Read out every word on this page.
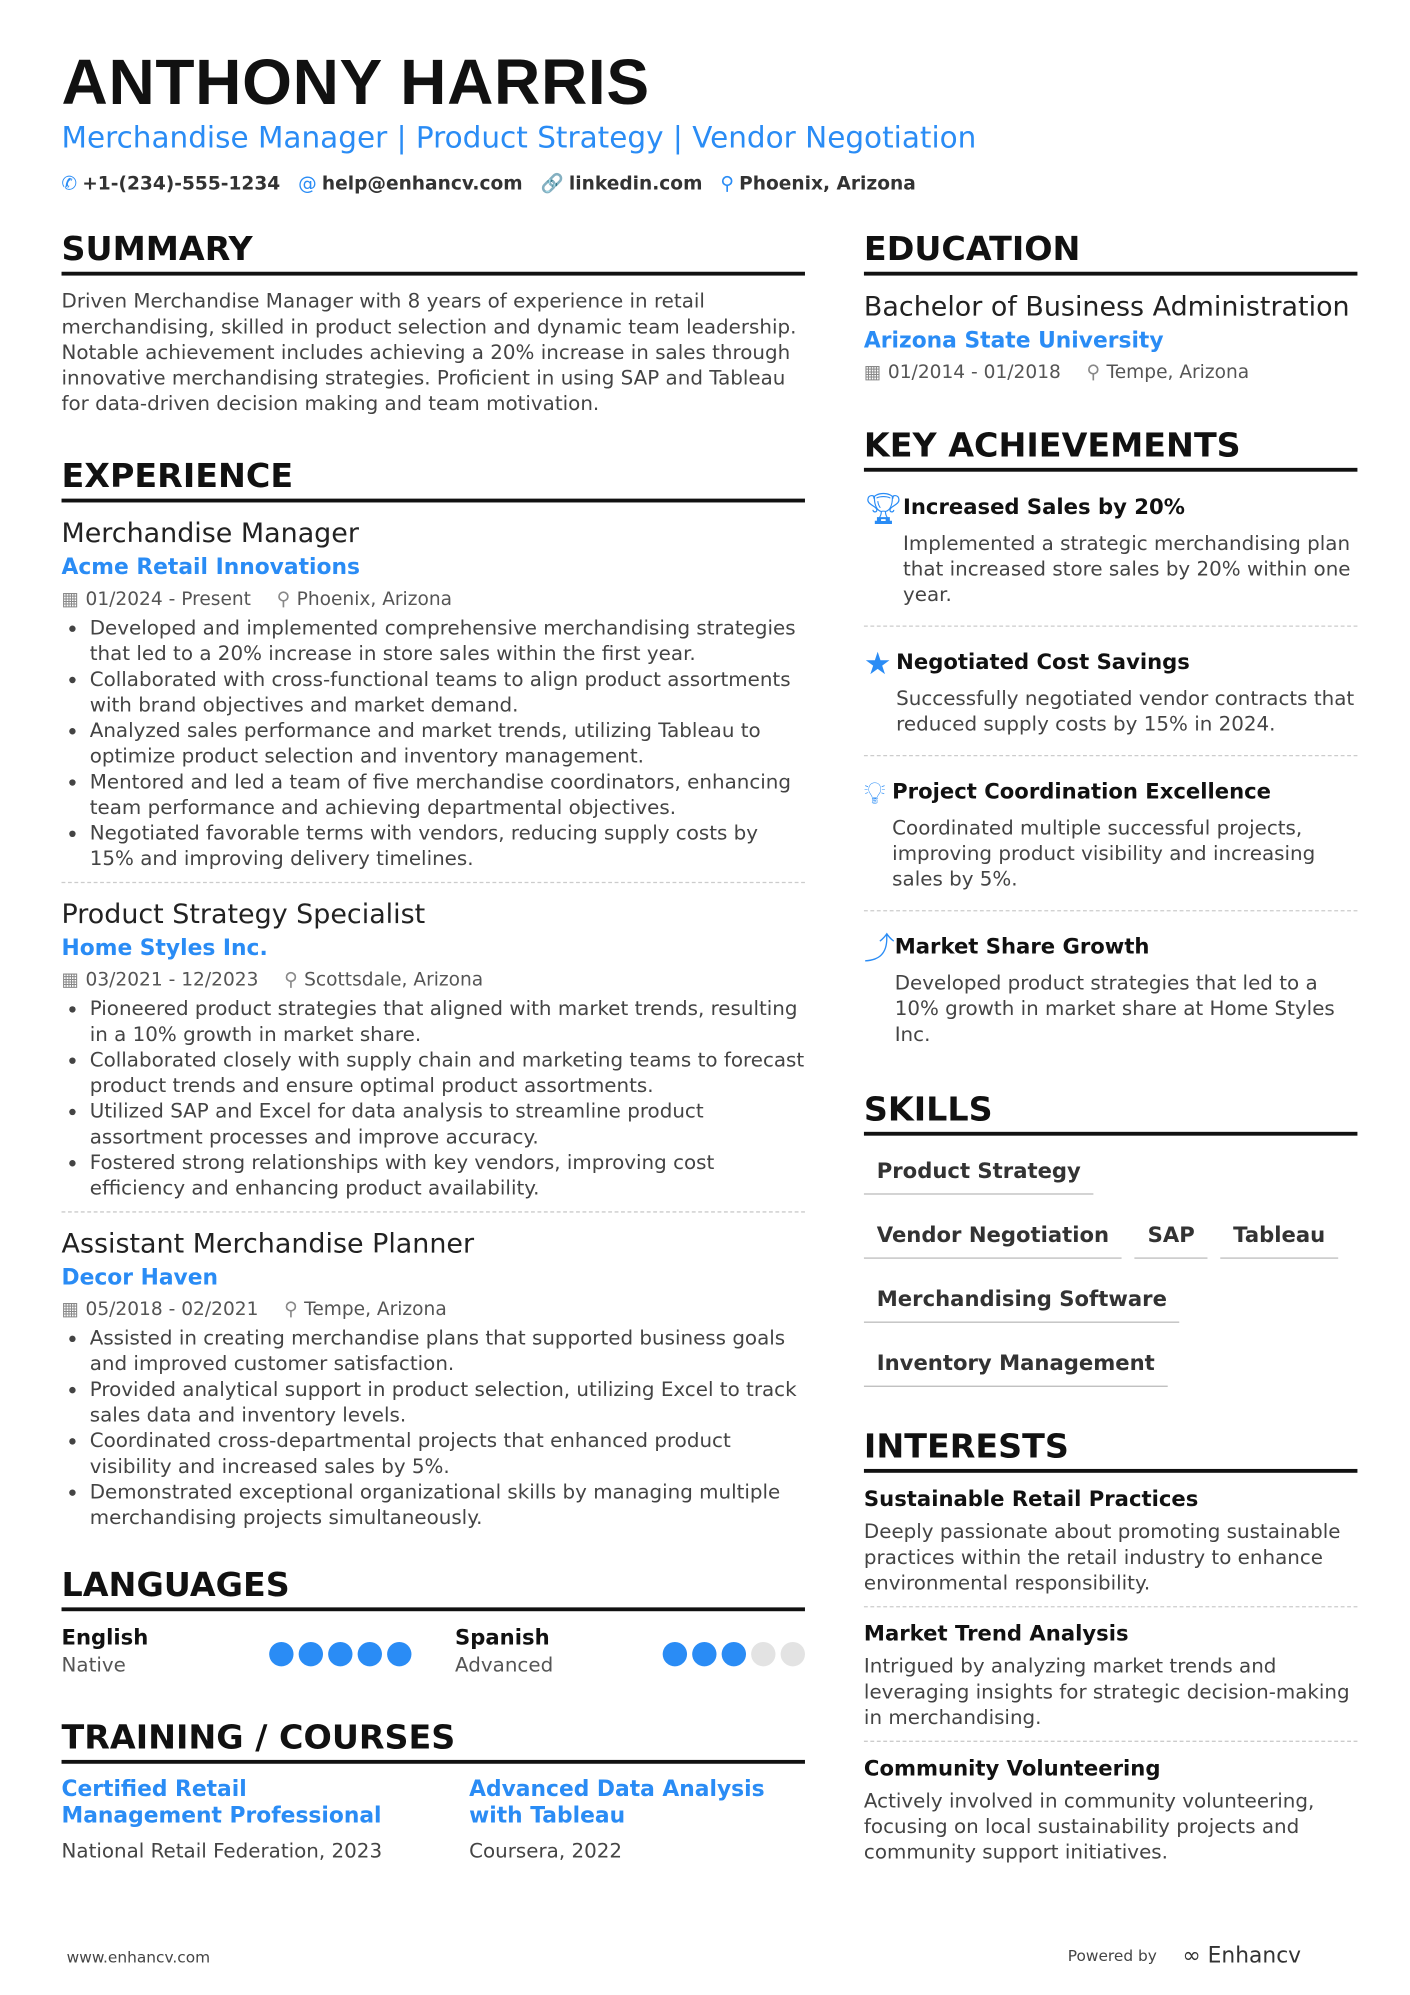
ANTHONY HARRIS
Merchandise Manager | Product Strategy | Vendor Negotiation
✆ +1-(234)-555-1234 @ help@enhancv.com 🔗 linkedin.com ⚲ Phoenix, Arizona
SUMMARY
Driven Merchandise Manager with 8 years of experience in retail merchandising, skilled in product selection and dynamic team leadership. Notable achievement includes achieving a 20% increase in sales through innovative merchandising strategies. Proficient in using SAP and Tableau for data-driven decision making and team motivation.
EXPERIENCE
Merchandise Manager
Acme Retail Innovations
▦ 01/2024 - Present ⚲ Phoenix, Arizona
• Developed and implemented comprehensive merchandising strategies that led to a 20% increase in store sales within the first year.
• Collaborated with cross-functional teams to align product assortments with brand objectives and market demand.
• Analyzed sales performance and market trends, utilizing Tableau to optimize product selection and inventory management.
• Mentored and led a team of five merchandise coordinators, enhancing team performance and achieving departmental objectives.
• Negotiated favorable terms with vendors, reducing supply costs by 15% and improving delivery timelines.
Product Strategy Specialist
Home Styles Inc.
▦ 03/2021 - 12/2023 ⚲ Scottsdale, Arizona
• Pioneered product strategies that aligned with market trends, resulting in a 10% growth in market share.
• Collaborated closely with supply chain and marketing teams to forecast product trends and ensure optimal product assortments.
• Utilized SAP and Excel for data analysis to streamline product assortment processes and improve accuracy.
• Fostered strong relationships with key vendors, improving cost efficiency and enhancing product availability.
Assistant Merchandise Planner
Decor Haven
▦ 05/2018 - 02/2021 ⚲ Tempe, Arizona
• Assisted in creating merchandise plans that supported business goals and improved customer satisfaction.
• Provided analytical support in product selection, utilizing Excel to track sales data and inventory levels.
• Coordinated cross-departmental projects that enhanced product visibility and increased sales by 5%.
• Demonstrated exceptional organizational skills by managing multiple merchandising projects simultaneously.
LANGUAGES
English
Native
Spanish
Advanced
TRAINING / COURSES
Certified Retail Management Professional
National Retail Federation, 2023
Advanced Data Analysis with Tableau
Coursera, 2022
EDUCATION
Bachelor of Business Administration
Arizona State University
▦ 01/2014 - 01/2018 ⚲ Tempe, Arizona
KEY ACHIEVEMENTS
🏆︎ Increased Sales by 20%
Implemented a strategic merchandising plan that increased store sales by 20% within one year.
★ Negotiated Cost Savings
Successfully negotiated vendor contracts that reduced supply costs by 15% in 2024.
💡︎ Project Coordination Excellence
Coordinated multiple successful projects, improving product visibility and increasing sales by 5%.
⤴ Market Share Growth
Developed product strategies that led to a 10% growth in market share at Home Styles Inc.
SKILLS
Product Strategy
Vendor Negotiation	SAP	Tableau
Merchandising Software
Inventory Management
INTERESTS
Sustainable Retail Practices
Deeply passionate about promoting sustainable practices within the retail industry to enhance environmental responsibility.
Market Trend Analysis
Intrigued by analyzing market trends and leveraging insights for strategic decision-making in merchandising.
Community Volunteering
Actively involved in community volunteering, focusing on local sustainability projects and community support initiatives.
www.enhancv.com	Powered by ∞ Enhancv
